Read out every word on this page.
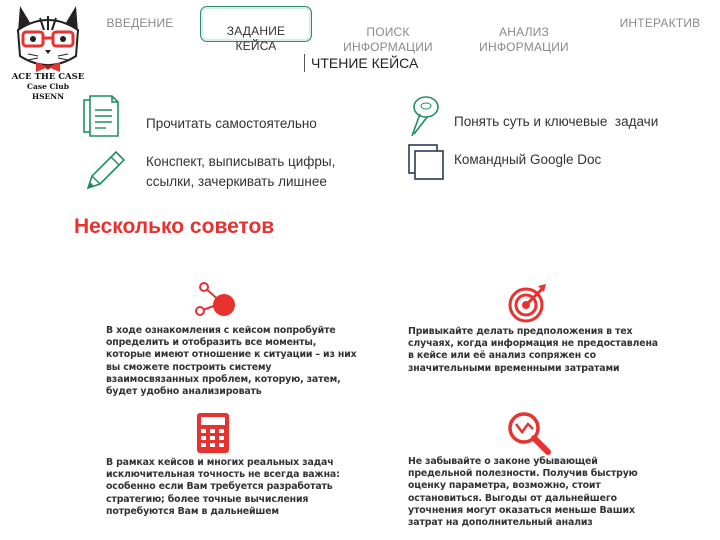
ACE THE CASE
Case Club
HSENN
ВВЕДЕНИЕ

ЗАДАНИЕ
КЕЙСА

ПОИСК
ИНФОРМАЦИИ

АНАЛИЗ
ИНФОРМАЦИИ

ИНТЕРАКТИВ
ЧТЕНИЕ КЕЙСА
Прочитать самостоятельно
Конспект, выписывать цифры,
ссылки, зачеркивать лишнее
Понять суть и ключевые  задачи
Командный Google Doc
Несколько советов
В ходе ознакомления с кейсом попробуйте
определить и отобразить все моменты,
которые имеют отношение к ситуации – из них
вы сможете построить систему
взаимосвязанных проблем, которую, затем,
будет удобно анализировать
Привыкайте делать предположения в тех
случаях, когда информация не предоставлена
в кейсе или её анализ сопряжен со
значительными временными затратами
В рамках кейсов и многих реальных задач
исключительная точность не всегда важна:
особенно если Вам требуется разработать
стратегию; более точные вычисления
потребуются Вам в дальнейшем
Не забывайте о законе убывающей
предельной полезности. Получив быструю
оценку параметра, возможно, стоит
остановиться. Выгоды от дальнейшего
уточнения могут оказаться меньше Ваших
затрат на дополнительный анализ
